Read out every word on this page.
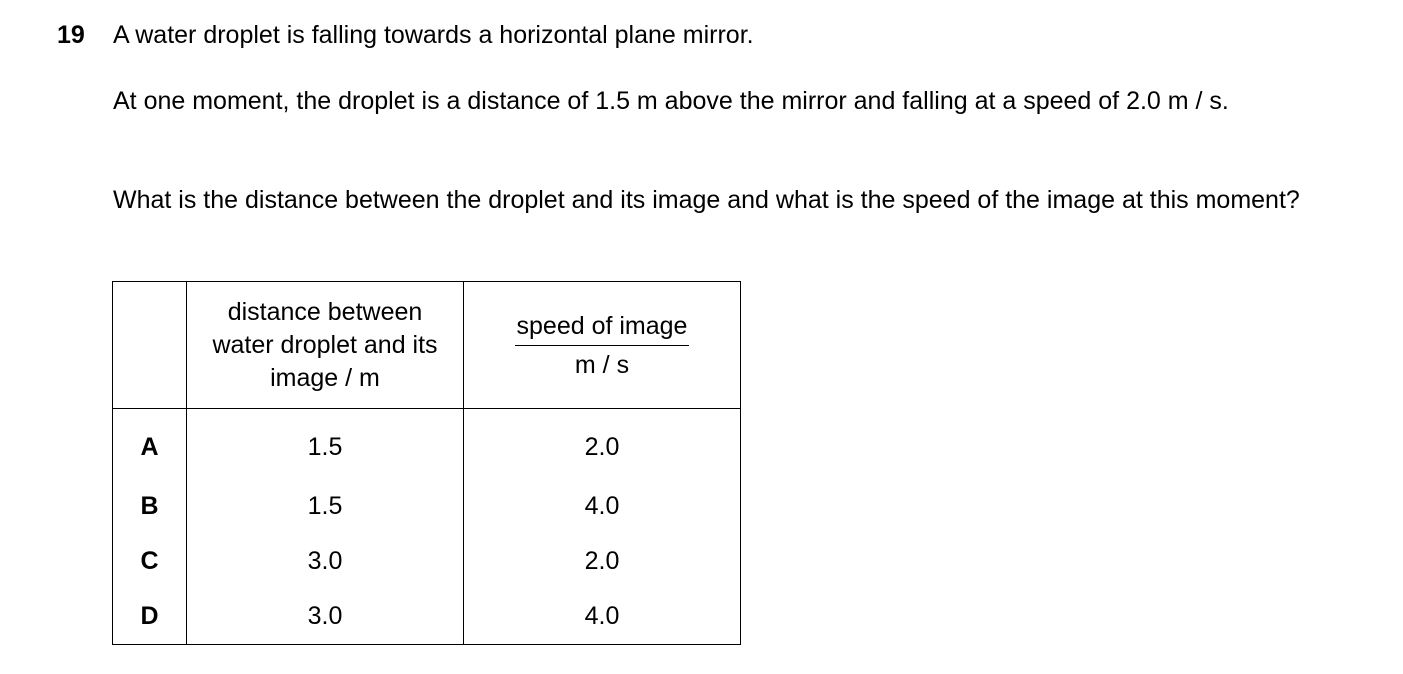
19 A water droplet is falling towards a horizontal plane mirror.
At one moment, the droplet is a distance of 1.5 m above the mirror and falling at a speed of 2.0 m / s.
What is the distance between the droplet and its image and what is the speed of the image at this moment?

	distance between water droplet and its image / m	speed of image
m / s

A	1.5	2.0
B	1.5	4.0
C	3.0	2.0
D	3.0	4.0
